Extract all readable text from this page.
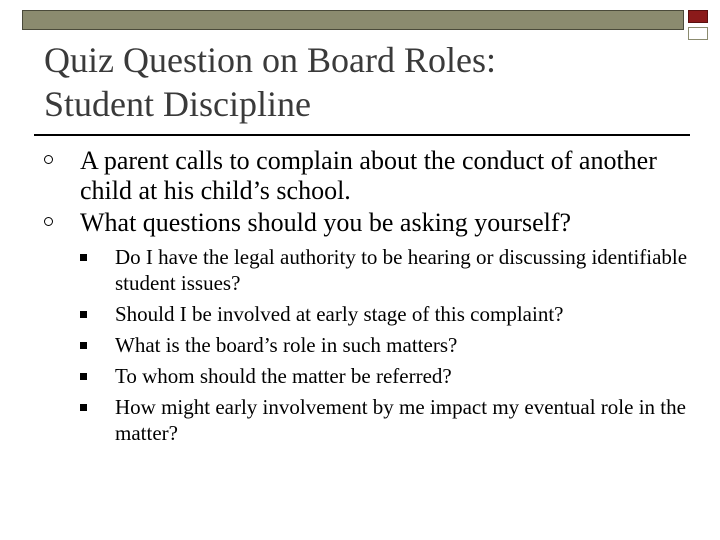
Quiz Question on Board Roles:
Student Discipline
A parent calls to complain about the conduct of another child at his child’s school.
What questions should you be asking yourself?
Do I have the legal authority to be hearing or discussing identifiable student issues?
Should I be involved at early stage of this complaint?
What is the board’s role in such matters?
To whom should the matter be referred?
How might early involvement by me impact my eventual role in the matter?
